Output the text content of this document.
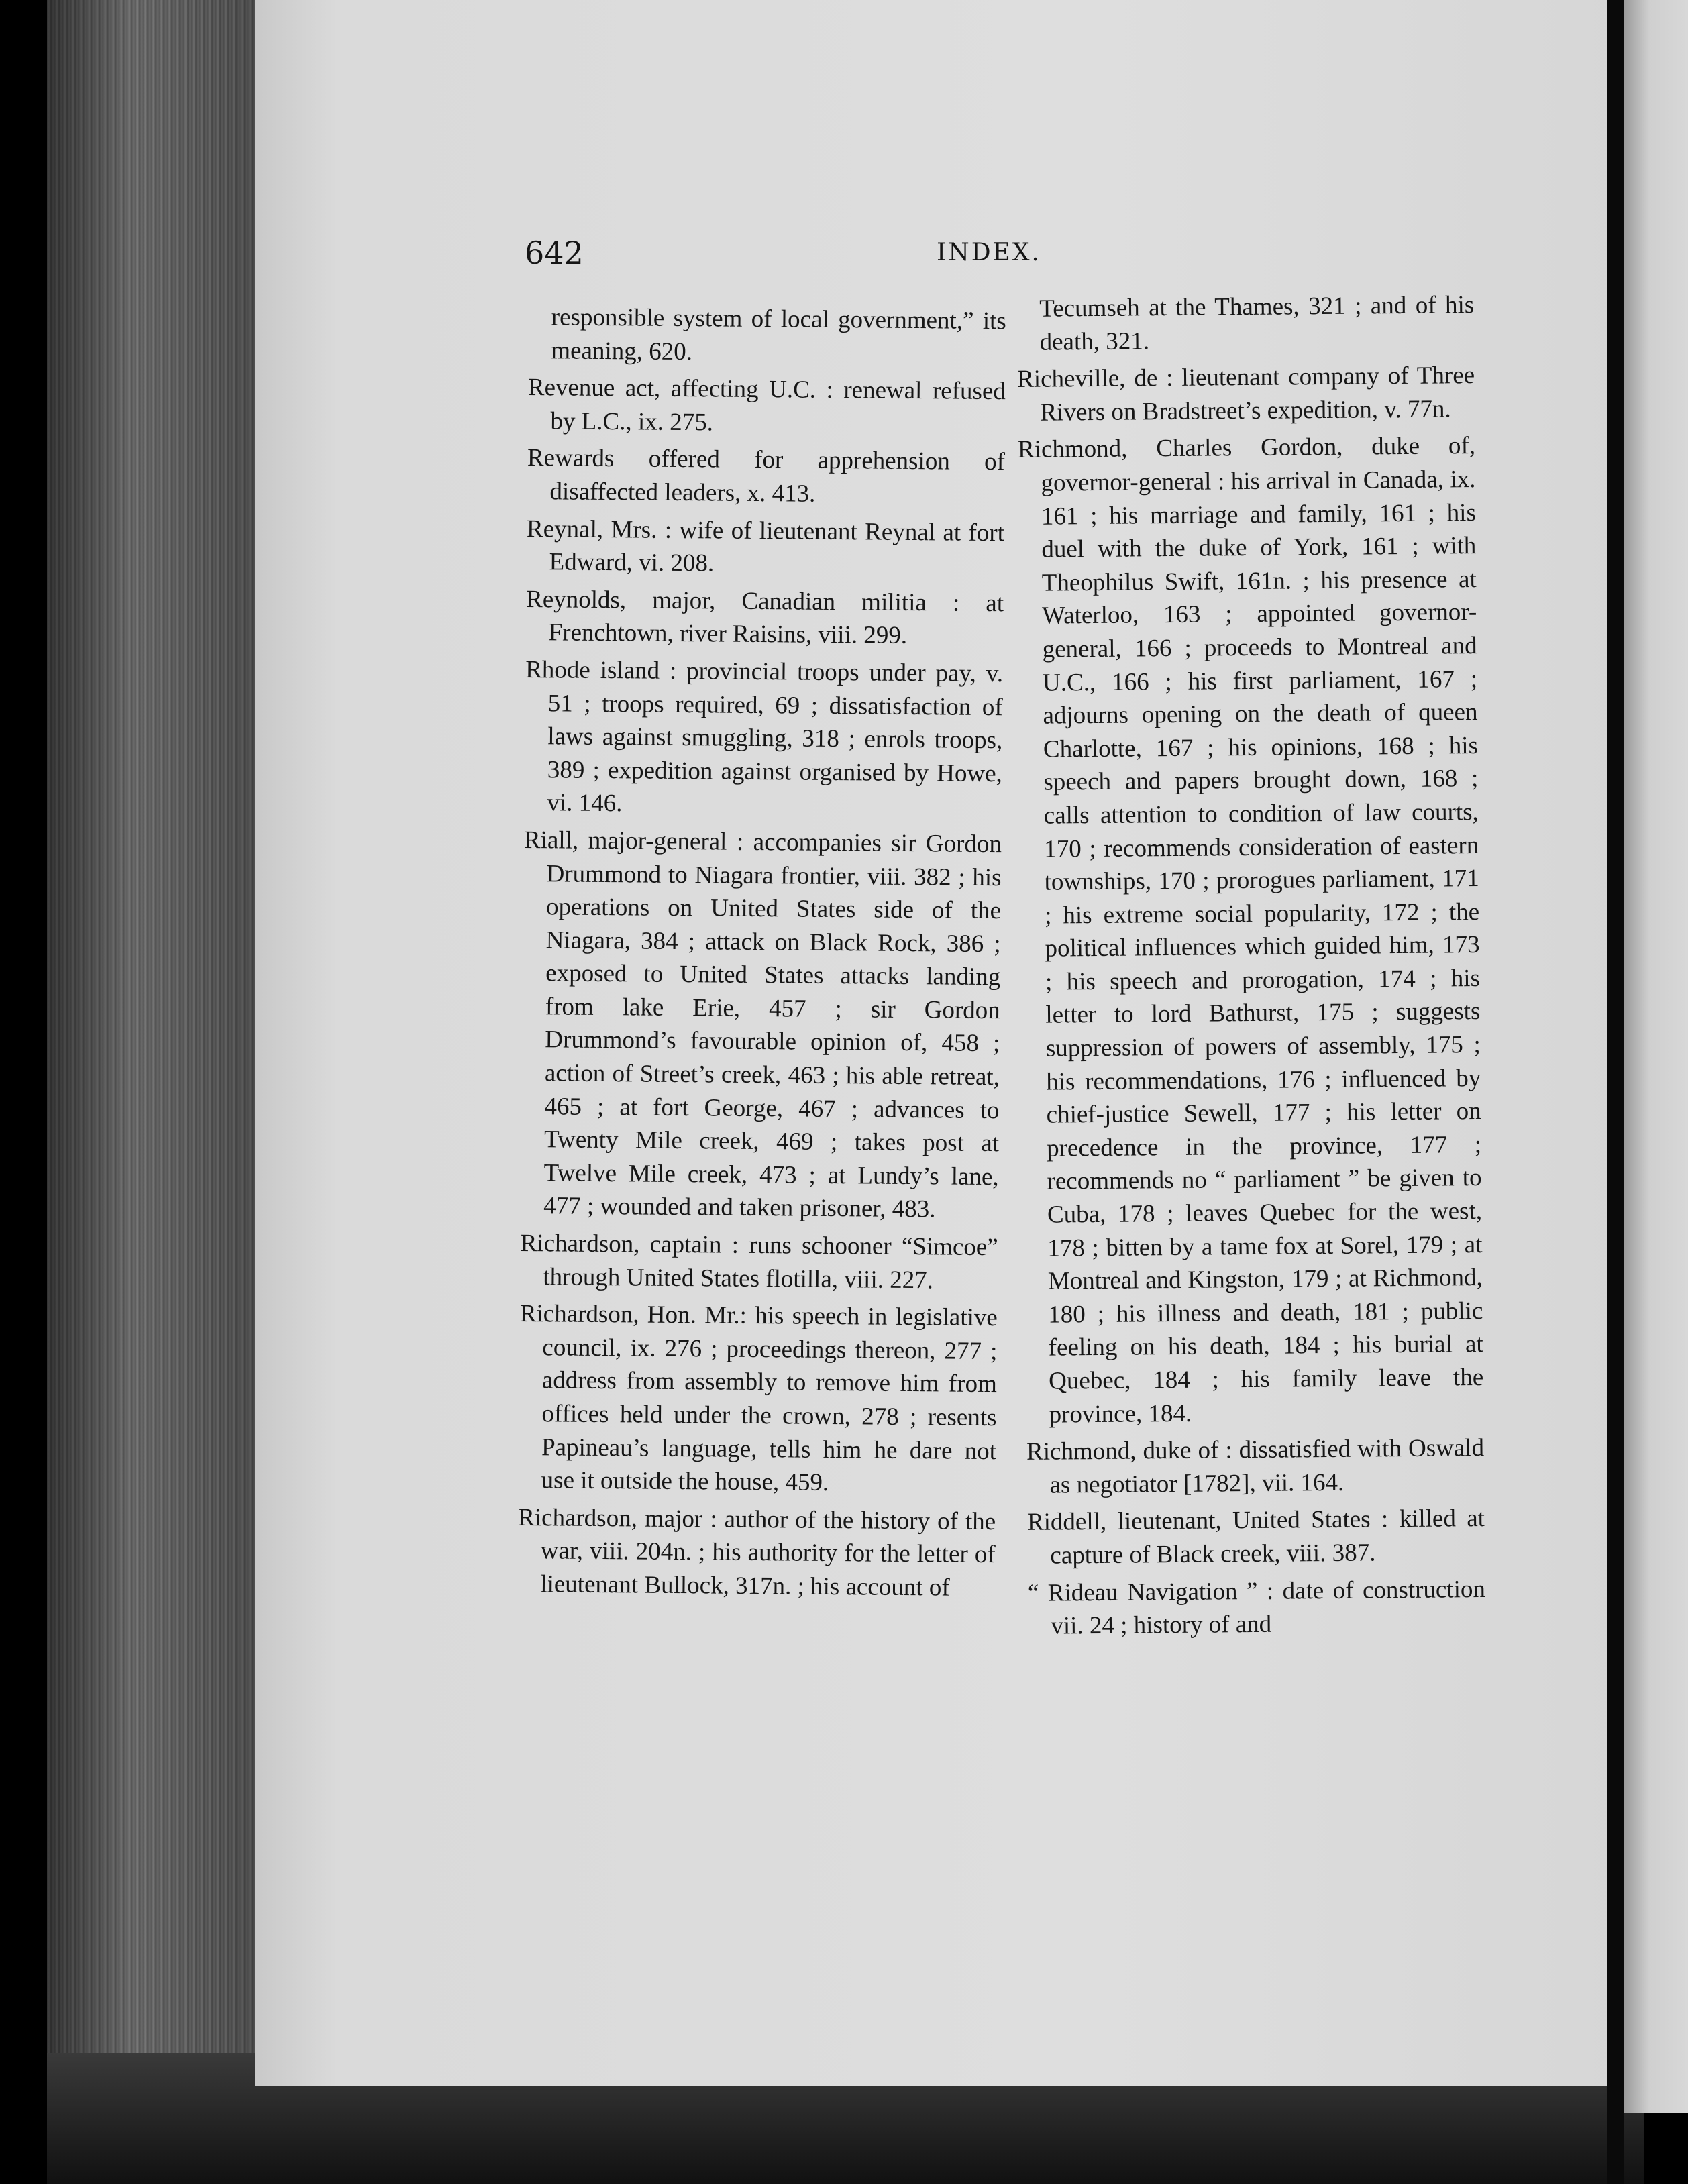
642	INDEX.

responsible system of local government,” its meaning, 620.

Revenue act, affecting U.C. : renewal refused by L.C., ix. 275.

Rewards offered for apprehension of disaffected leaders, x. 413.

Reynal, Mrs. : wife of lieutenant Reynal at fort Edward, vi. 208.

Reynolds, major, Canadian militia : at Frenchtown, river Raisins, viii. 299.

Rhode island : provincial troops under pay, v. 51 ; troops required, 69 ; dissatisfaction of laws against smuggling, 318 ; enrols troops, 389 ; expedition against organised by Howe, vi. 146.

Riall, major-general : accompanies sir Gordon Drummond to Niagara frontier, viii. 382 ; his operations on United States side of the Niagara, 384 ; attack on Black Rock, 386 ; exposed to United States attacks landing from lake Erie, 457 ; sir Gordon Drummond’s favourable opinion of, 458 ; action of Street’s creek, 463 ; his able retreat, 465 ; at fort George, 467 ; advances to Twenty Mile creek, 469 ; takes post at Twelve Mile creek, 473 ; at Lundy’s lane, 477 ; wounded and taken prisoner, 483.

Richardson, captain : runs schooner “Simcoe” through United States flotilla, viii. 227.

Richardson, Hon. Mr.: his speech in legislative council, ix. 276 ; proceedings thereon, 277 ; address from assembly to remove him from offices held under the crown, 278 ; resents Papineau’s language, tells him he dare not use it outside the house, 459.

Richardson, major : author of the history of the war, viii. 204n. ; his authority for the letter of lieutenant Bullock, 317n. ; his account of

Tecumseh at the Thames, 321 ; and of his death, 321.

Richeville, de : lieutenant company of Three Rivers on Bradstreet’s expedition, v. 77n.

Richmond, Charles Gordon, duke of, governor-general : his arrival in Canada, ix. 161 ; his marriage and family, 161 ; his duel with the duke of York, 161 ; with Theophilus Swift, 161n. ; his presence at Waterloo, 163 ; appointed governor-general, 166 ; proceeds to Montreal and U.C., 166 ; his first parliament, 167 ; adjourns opening on the death of queen Charlotte, 167 ; his opinions, 168 ; his speech and papers brought down, 168 ; calls attention to condition of law courts, 170 ; recommends consideration of eastern townships, 170 ; prorogues parliament, 171 ; his extreme social popularity, 172 ; the political influences which guided him, 173 ; his speech and prorogation, 174 ; his letter to lord Bathurst, 175 ; suggests suppression of powers of assembly, 175 ; his recommendations, 176 ; influenced by chief-justice Sewell, 177 ; his letter on precedence in the province, 177 ; recommends no “ parliament ” be given to Cuba, 178 ; leaves Quebec for the west, 178 ; bitten by a tame fox at Sorel, 179 ; at Montreal and Kingston, 179 ; at Richmond, 180 ; his illness and death, 181 ; public feeling on his death, 184 ; his burial at Quebec, 184 ; his family leave the province, 184.

Richmond, duke of : dissatisfied with Oswald as negotiator [1782], vii. 164.

Riddell, lieutenant, United States : killed at capture of Black creek, viii. 387.

“ Rideau Navigation ” : date of construction vii. 24 ; history of and
